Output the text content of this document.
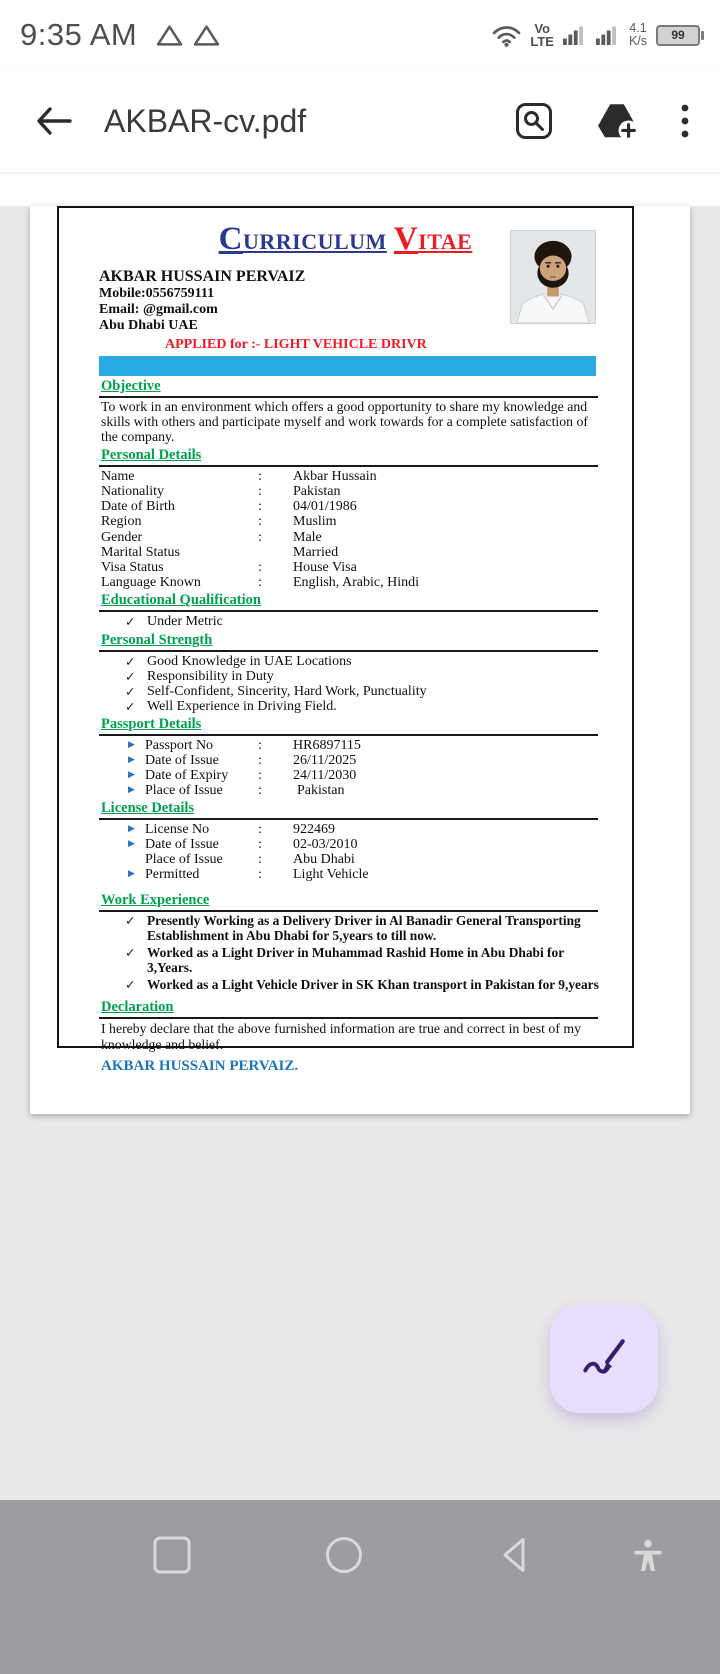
9:35 AM	Vo
LTE
4.1
K/s 99
AKBAR-cv.pdf
CURRICULUM VITAE
AKBAR HUSSAIN PERVAIZ
Mobile:0556759111
Email: @gmail.com
Abu Dhabi UAE
APPLIED for :- LIGHT VEHICLE DRIVR
Objective
To work in an environment which offers a good opportunity to share my knowledge and skills with others and participate myself and work towards for a complete satisfaction of the company.
Personal Details
Name	:	Akbar Hussain
Nationality	:	Pakistan
Date of Birth	:	04/01/1986
Region	:	Muslim
Gender	:	Male
Marital Status	Married
Visa Status	:	House Visa
Language Known	:	English, Arabic, Hindi
Educational Qualification
✓ Under Metric
Personal Strength
✓ Good Knowledge in UAE Locations
✓ Responsibility in Duty
✓ Self-Confident, Sincerity, Hard Work, Punctuality
✓ Well Experience in Driving Field.
Passport Details
▶ Passport No	:	HR6897115
▶ Date of Issue	:	26/11/2025
▶ Date of Expiry	:	24/11/2030
▶ Place of Issue	:	Pakistan
License Details
▶ License No	:	922469
▶ Date of Issue	:	02-03/2010
Place of Issue	:	Abu Dhabi
▶ Permitted	:	Light Vehicle
Work Experience
✓ Presently Working as a Delivery Driver in Al Banadir General Transporting Establishment in Abu Dhabi for 5,years to till now.
✓ Worked as a Light Driver in Muhammad Rashid Home in Abu Dhabi for 3,Years.
✓ Worked as a Light Vehicle Driver in SK Khan transport in Pakistan for 9,years
Declaration
I hereby declare that the above furnished information are true and correct in best of my knowledge and belief.
AKBAR HUSSAIN PERVAIZ.
